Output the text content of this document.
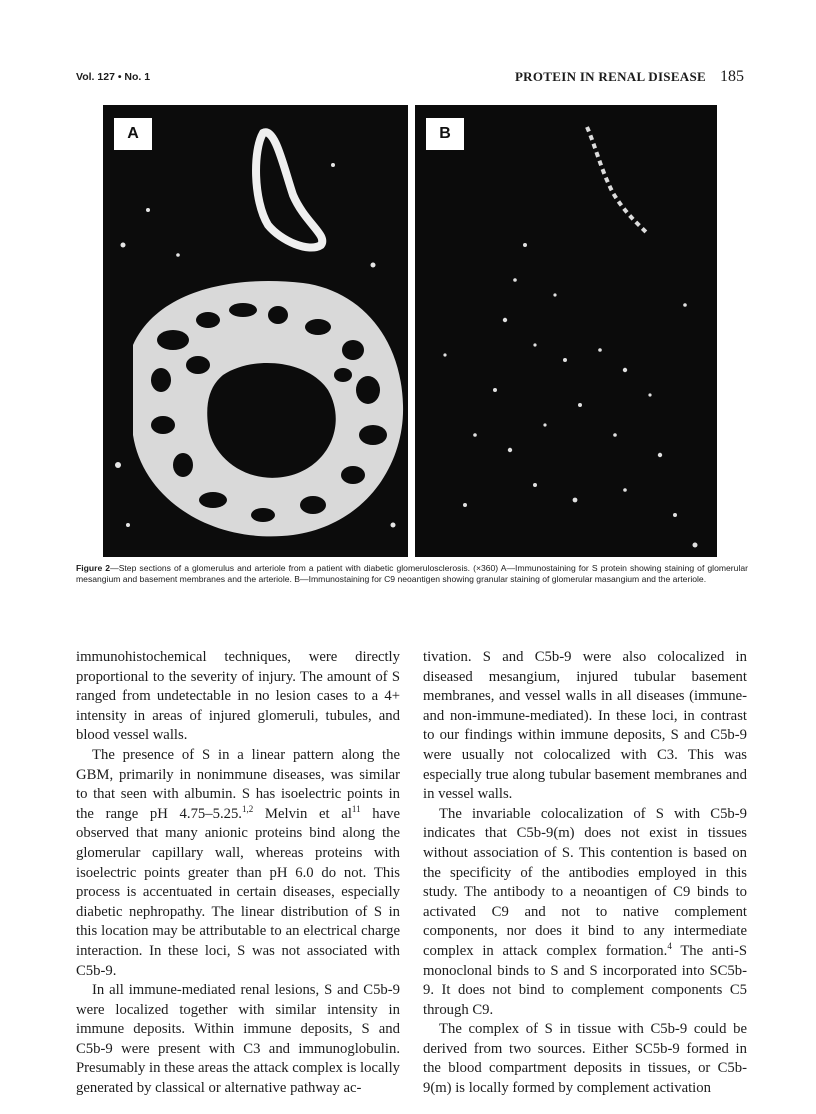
Vol. 127 • No. 1	PROTEIN IN RENAL DISEASE 185
A	B
Figure 2—Step sections of a glomerulus and arteriole from a patient with diabetic glomerulosclerosis. (×360) A—Immunostaining for S protein showing staining of glomerular mesangium and basement membranes and the arteriole. B—Immunostaining for C9 neoantigen showing granular staining of glomerular masangium and the arteriole.

immunohistochemical techniques, were directly proportional to the severity of injury. The amount of S ranged from undetectable in no lesion cases to a 4+ intensity in areas of injured glomeruli, tubules, and blood vessel walls.

The presence of S in a linear pattern along the GBM, primarily in nonimmune diseases, was similar to that seen with albumin. S has isoelectric points in the range pH 4.75–5.25.$^{1,2}$ Melvin et $al^{11}$ have observed that many anionic proteins bind along the glomerular capillary wall, whereas proteins with isoelectric points greater than pH 6.0 do not. This process is accentuated in certain diseases, especially diabetic nephropathy. The linear distribution of S in this location may be attributable to an electrical charge interaction. In these loci, S was not associated with C5b-9.

In all immune-mediated renal lesions, S and C5b-9 were localized together with similar intensity in immune deposits. Within immune deposits, S and C5b-9 were present with C3 and immunoglobulin. Presumably in these areas the attack complex is locally generated by classical or alternative pathway ac-

tivation. S and C5b-9 were also colocalized in diseased mesangium, injured tubular basement membranes, and vessel walls in all diseases (immune- and non-immune-mediated). In these loci, in contrast to our findings within immune deposits, S and C5b-9 were usually not colocalized with C3. This was especially true along tubular basement membranes and in vessel walls.

The invariable colocalization of S with C5b-9 indicates that C5b-9(m) does not exist in tissues without association of S. This contention is based on the specificity of the antibodies employed in this study. The antibody to a neoantigen of C9 binds to activated C9 and not to native complement components, nor does it bind to any intermediate complex in attack complex formation.$^4$ The anti-S monoclonal binds to S and S incorporated into SC5b-9. It does not bind to complement components C5 through C9.

The complex of S in tissue with C5b-9 could be derived from two sources. Either SC5b-9 formed in the blood compartment deposits in tissues, or C5b-9(m) is locally formed by complement activation
